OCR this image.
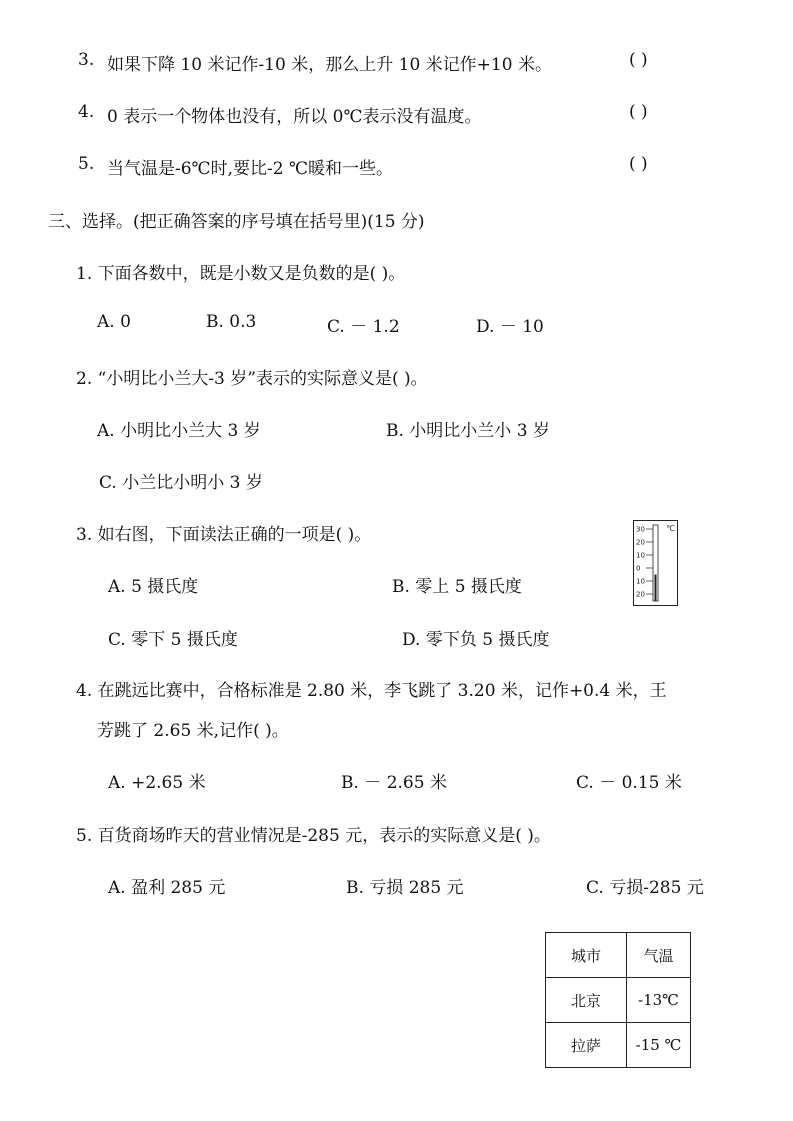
3. 如果下降 10 米记作-10 米，那么上升 10 米记作+10 米。	( )
4. 0 表示一个物体也没有，所以 0℃表示没有温度。	( )
5. 当气温是-6℃时,要比-2 ℃暖和一些。	( )
三、选择。(把正确答案的序号填在括号里)(15 分)
1. 下面各数中，既是小数又是负数的是( )。
A. 0	B. 0.3	C. － 1.2	D. － 10
2. “小明比小兰大-3 岁”表示的实际意义是( )。
A. 小明比小兰大 3 岁	B. 小明比小兰小 3 岁
C. 小兰比小明小 3 岁
3. 如右图，下面读法正确的一项是( )。
A. 5 摄氏度	B. 零上 5 摄氏度
C. 零下 5 摄氏度	D. 零下负 5 摄氏度
30
20
10
0
10
20
℃
4. 在跳远比赛中，合格标准是 2.80 米，李飞跳了 3.20 米，记作+0.4 米，王
芳跳了 2.65 米,记作( )。
A. +2.65 米	B. － 2.65 米	C. － 0.15 米
5. 百货商场昨天的营业情况是-285 元，表示的实际意义是( )。
A. 盈利 285 元	B. 亏损 285 元	C. 亏损-285 元
城市	气温
北京	-13℃
拉萨	-15 ℃
